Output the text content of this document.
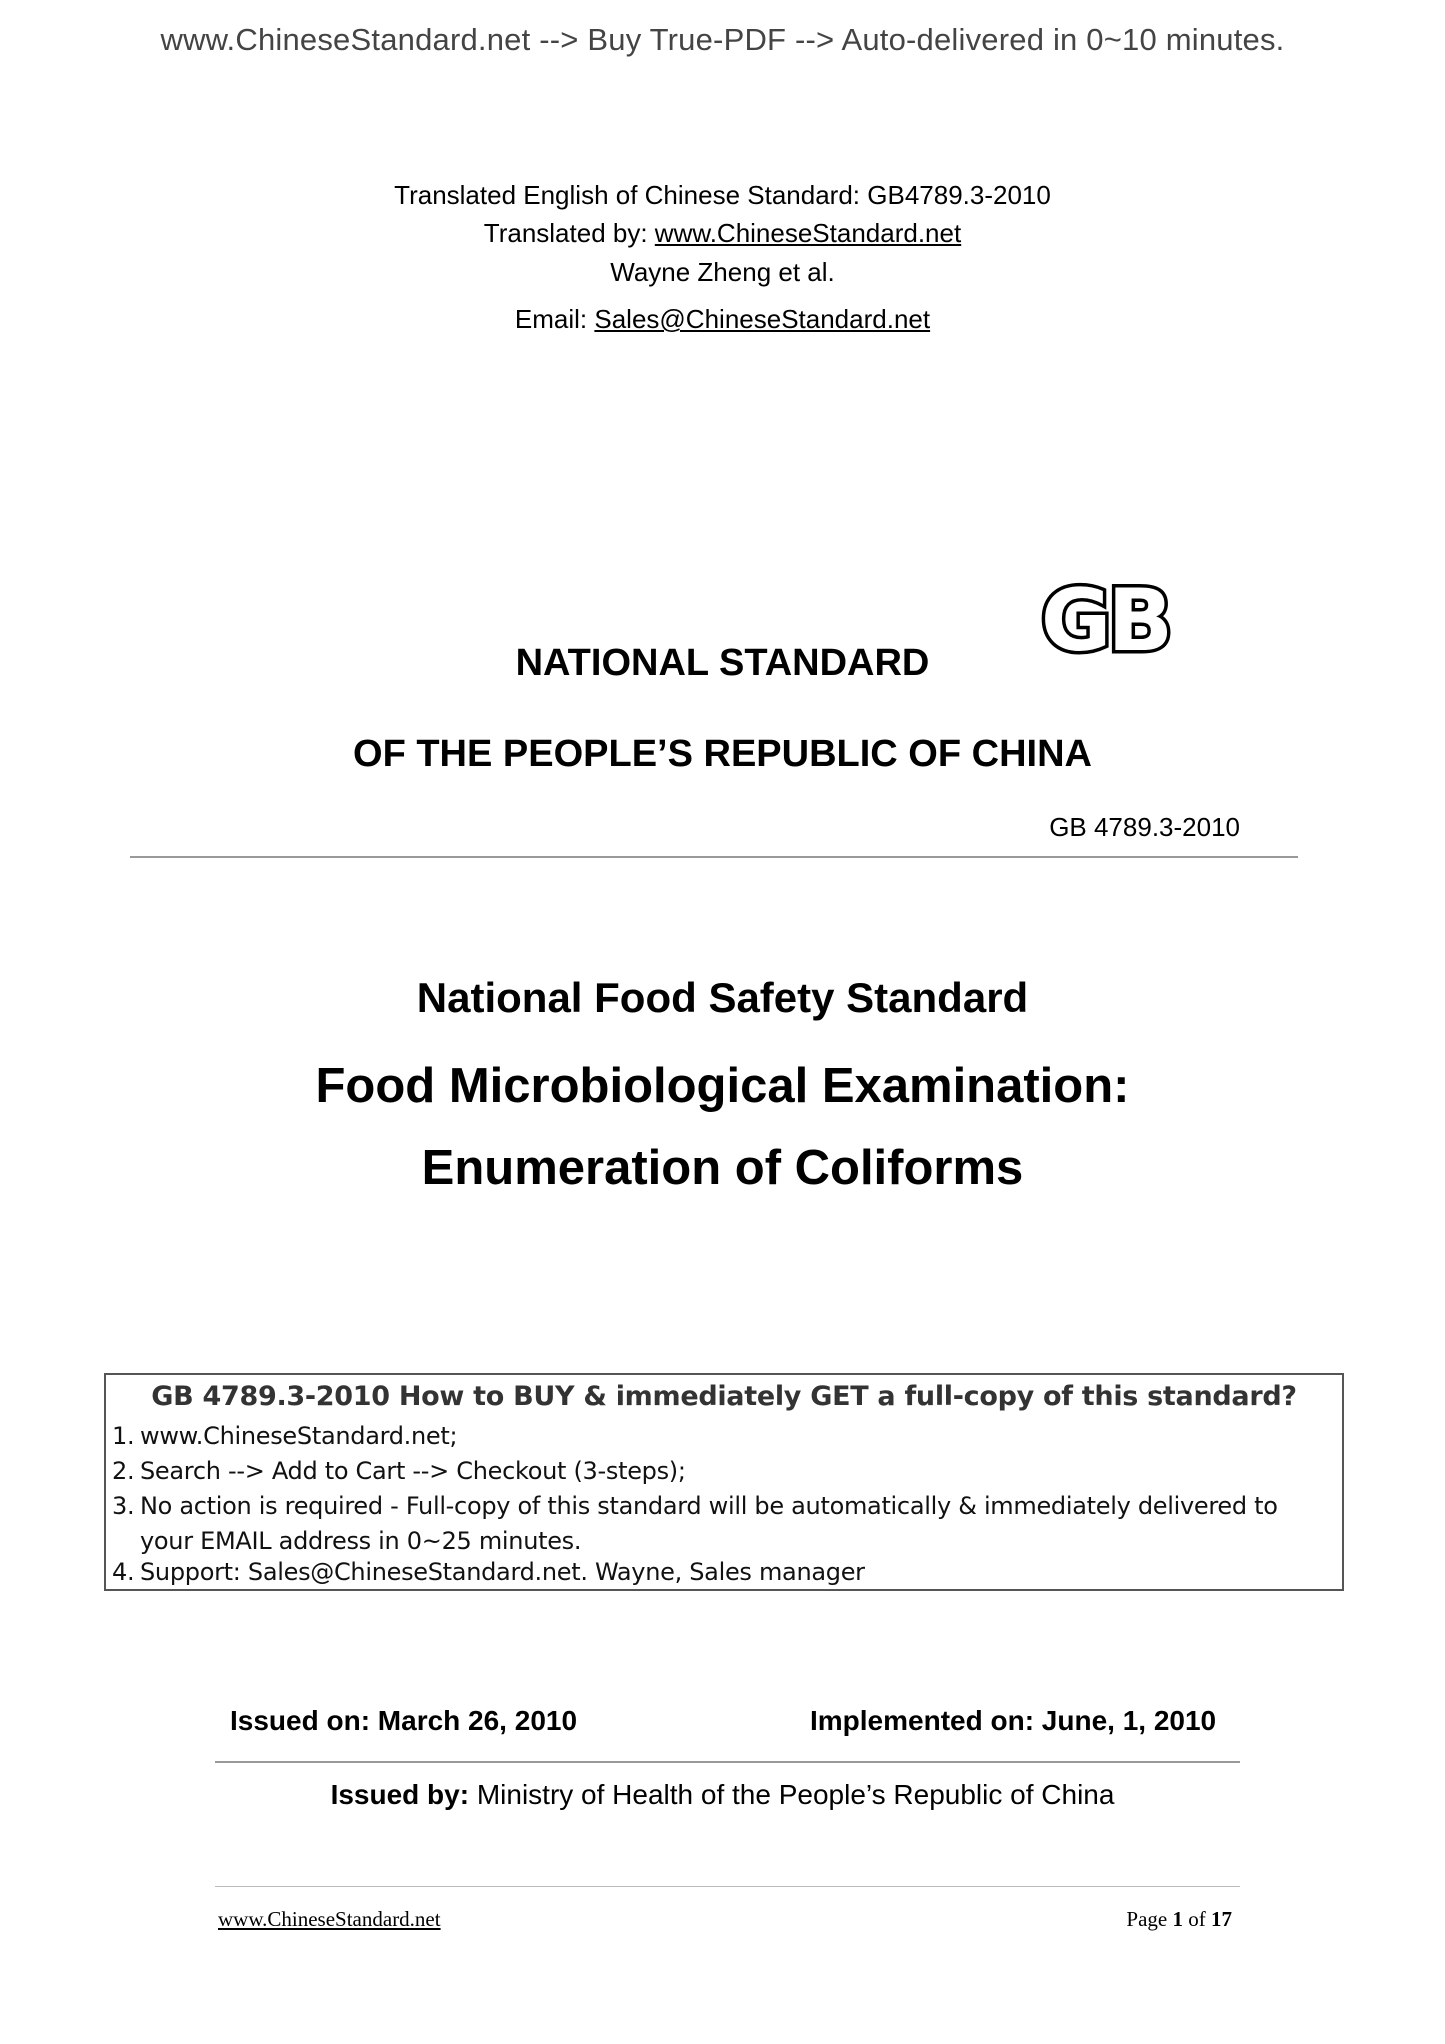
www.ChineseStandard.net --> Buy True-PDF --> Auto-delivered in 0~10 minutes.
Translated English of Chinese Standard: GB4789.3-2010
Translated by: www.ChineseStandard.net
Wayne Zheng et al.
Email: Sales@ChineseStandard.net
GB
NATIONAL STANDARD
OF THE PEOPLE’S REPUBLIC OF CHINA
GB 4789.3-2010
National Food Safety Standard
Food Microbiological Examination:
Enumeration of Coliforms
GB 4789.3-2010 How to BUY & immediately GET a full-copy of this standard?
1. www.ChineseStandard.net;
2. Search --> Add to Cart --> Checkout (3-steps);
3. No action is required - Full-copy of this standard will be automatically & immediately delivered to
your EMAIL address in 0~25 minutes.
4. Support: Sales@ChineseStandard.net. Wayne, Sales manager
Issued on: March 26, 2010	Implemented on: June, 1, 2010
Issued by: Ministry of Health of the People’s Republic of China
www.ChineseStandard.net	Page 1 of 17
